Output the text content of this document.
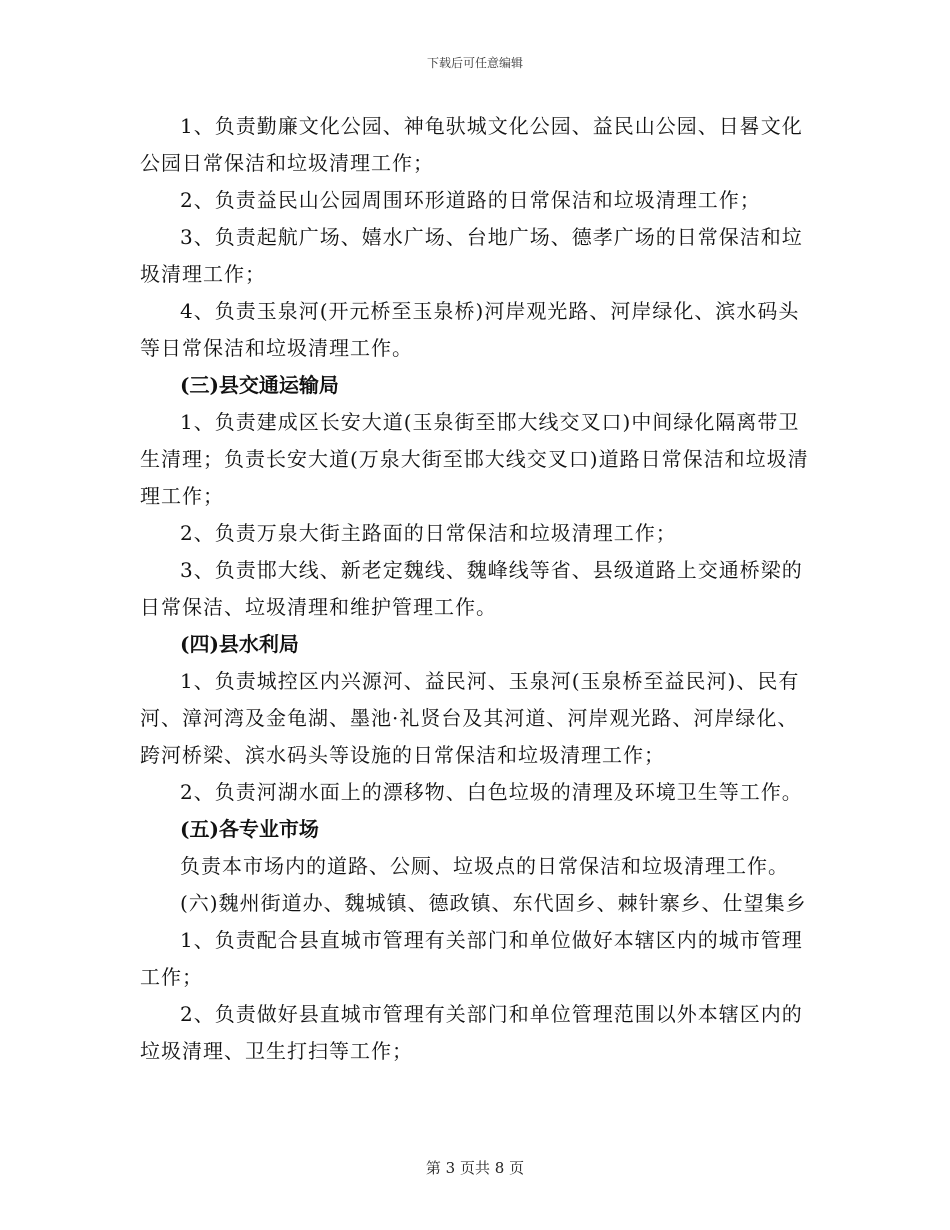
下载后可任意编辑

1、负责勤廉文化公园、神龟驮城文化公园、益民山公园、日晷文化公园日常保洁和垃圾清理工作；

2、负责益民山公园周围环形道路的日常保洁和垃圾清理工作；

3、负责起航广场、嬉水广场、台地广场、德孝广场的日常保洁和垃圾清理工作；

4、负责玉泉河(开元桥至玉泉桥)河岸观光路、河岸绿化、滨水码头等日常保洁和垃圾清理工作。

(三)县交通运输局

1、负责建成区长安大道(玉泉街至邯大线交叉口)中间绿化隔离带卫生清理；负责长安大道(万泉大街至邯大线交叉口)道路日常保洁和垃圾清理工作；

2、负责万泉大街主路面的日常保洁和垃圾清理工作；

3、负责邯大线、新老定魏线、魏峰线等省、县级道路上交通桥梁的日常保洁、垃圾清理和维护管理工作。

(四)县水利局

1、负责城控区内兴源河、益民河、玉泉河(玉泉桥至益民河)、民有河、漳河湾及金龟湖、墨池·礼贤台及其河道、河岸观光路、河岸绿化、跨河桥梁、滨水码头等设施的日常保洁和垃圾清理工作；

2、负责河湖水面上的漂移物、白色垃圾的清理及环境卫生等工作。

(五)各专业市场

负责本市场内的道路、公厕、垃圾点的日常保洁和垃圾清理工作。

(六)魏州街道办、魏城镇、德政镇、东代固乡、棘针寨乡、仕望集乡

1、负责配合县直城市管理有关部门和单位做好本辖区内的城市管理工作；

2、负责做好县直城市管理有关部门和单位管理范围以外本辖区内的垃圾清理、卫生打扫等工作；

第 3 页共 8 页
